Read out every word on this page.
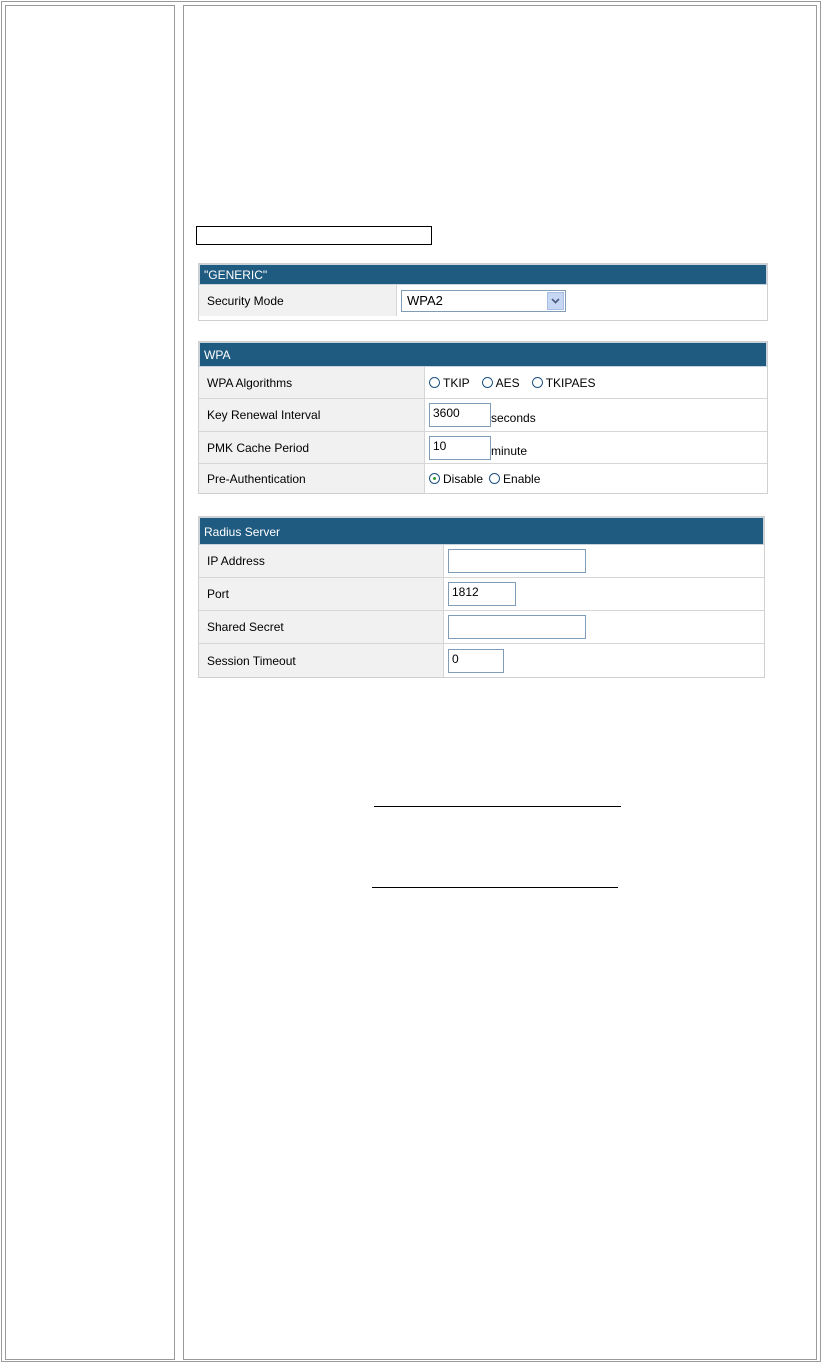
"GENERIC"
Security Mode	WPA2
WPA
WPA Algorithms	TKIP AES TKIPAES
Key Renewal Interval	3600	seconds
PMK Cache Period	10	minute
Pre-Authentication	Disable Enable
Radius Server
IP Address
Port	1812
Shared Secret
Session Timeout	0
